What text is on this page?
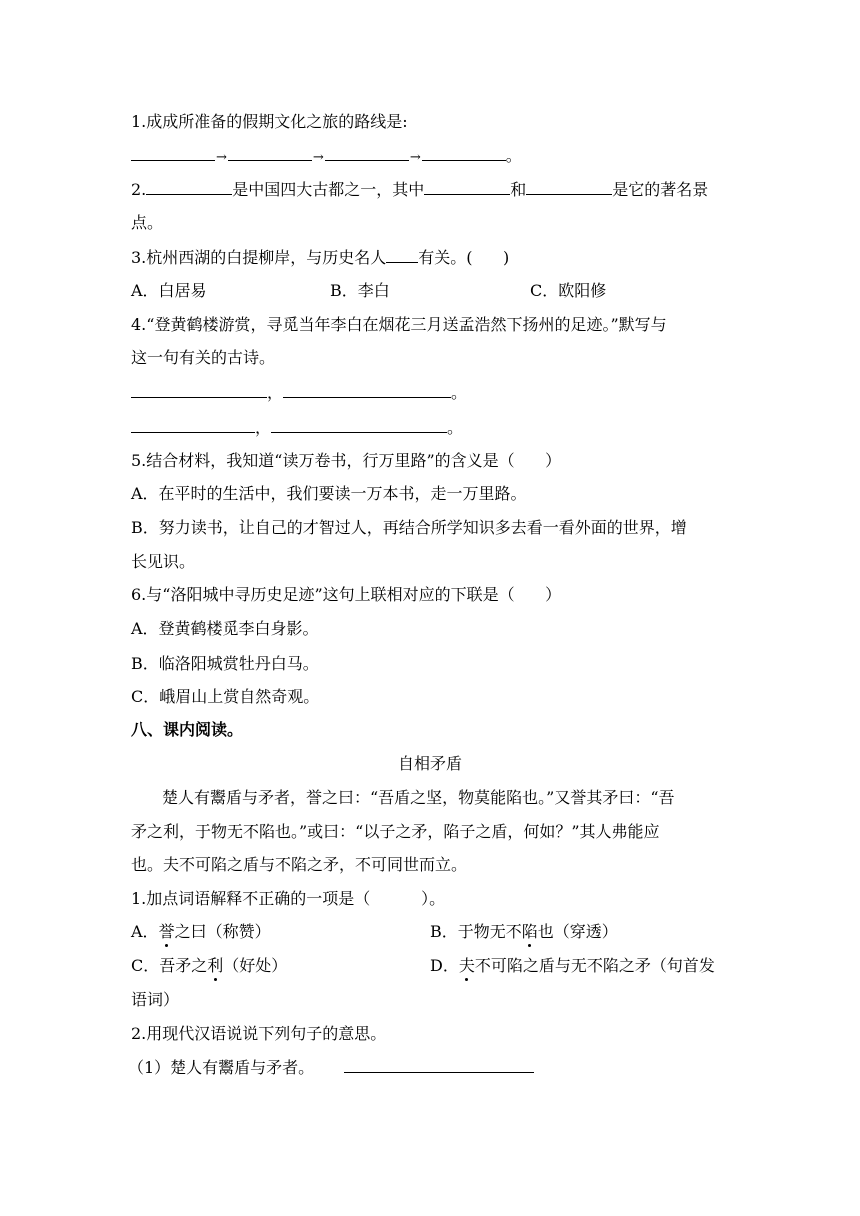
1.成成所准备的假期文化之旅的路线是:
→	→	→	。
2.	是中国四大古都之一，其中	和	是它的著名景
点。
3.杭州西湖的白提柳岸，与历史名人 有关。( )
A．白居易	B．李白	C．欧阳修
4.“登黄鹤楼游赏，寻觅当年李白在烟花三月送孟浩然下扬州的足迹。”默写与
这一句有关的古诗。
，	。
，	。
5.结合材料，我知道“读万卷书，行万里路”的含义是（ ）
A．在平时的生活中，我们要读一万本书，走一万里路。
B．努力读书，让自己的才智过人，再结合所学知识多去看一看外面的世界，增
长见识。
6.与“洛阳城中寻历史足迹”这句上联相对应的下联是（ ）
A．登黄鹤楼觅李白身影。
B．临洛阳城赏牡丹白马。
C．峨眉山上赏自然奇观。
八、课内阅读。
自相矛盾
楚人有鬻盾与矛者，誉之曰：“吾盾之坚，物莫能陷也。”又誉其矛曰：“吾
矛之利，于物无不陷也。”或曰：“以子之矛，陷子之盾，何如？”其人弗能应
也。夫不可陷之盾与不陷之矛，不可同世而立。
1.加点词语解释不正确的一项是（	）。
A．誉之曰（称赞）	B．于物无不陷也（穿透）
C．吾矛之利（好处）	D．夫不可陷之盾与无不陷之矛（句首发
语词）
2.用现代汉语说说下列句子的意思。
（1）楚人有鬻盾与矛者。
